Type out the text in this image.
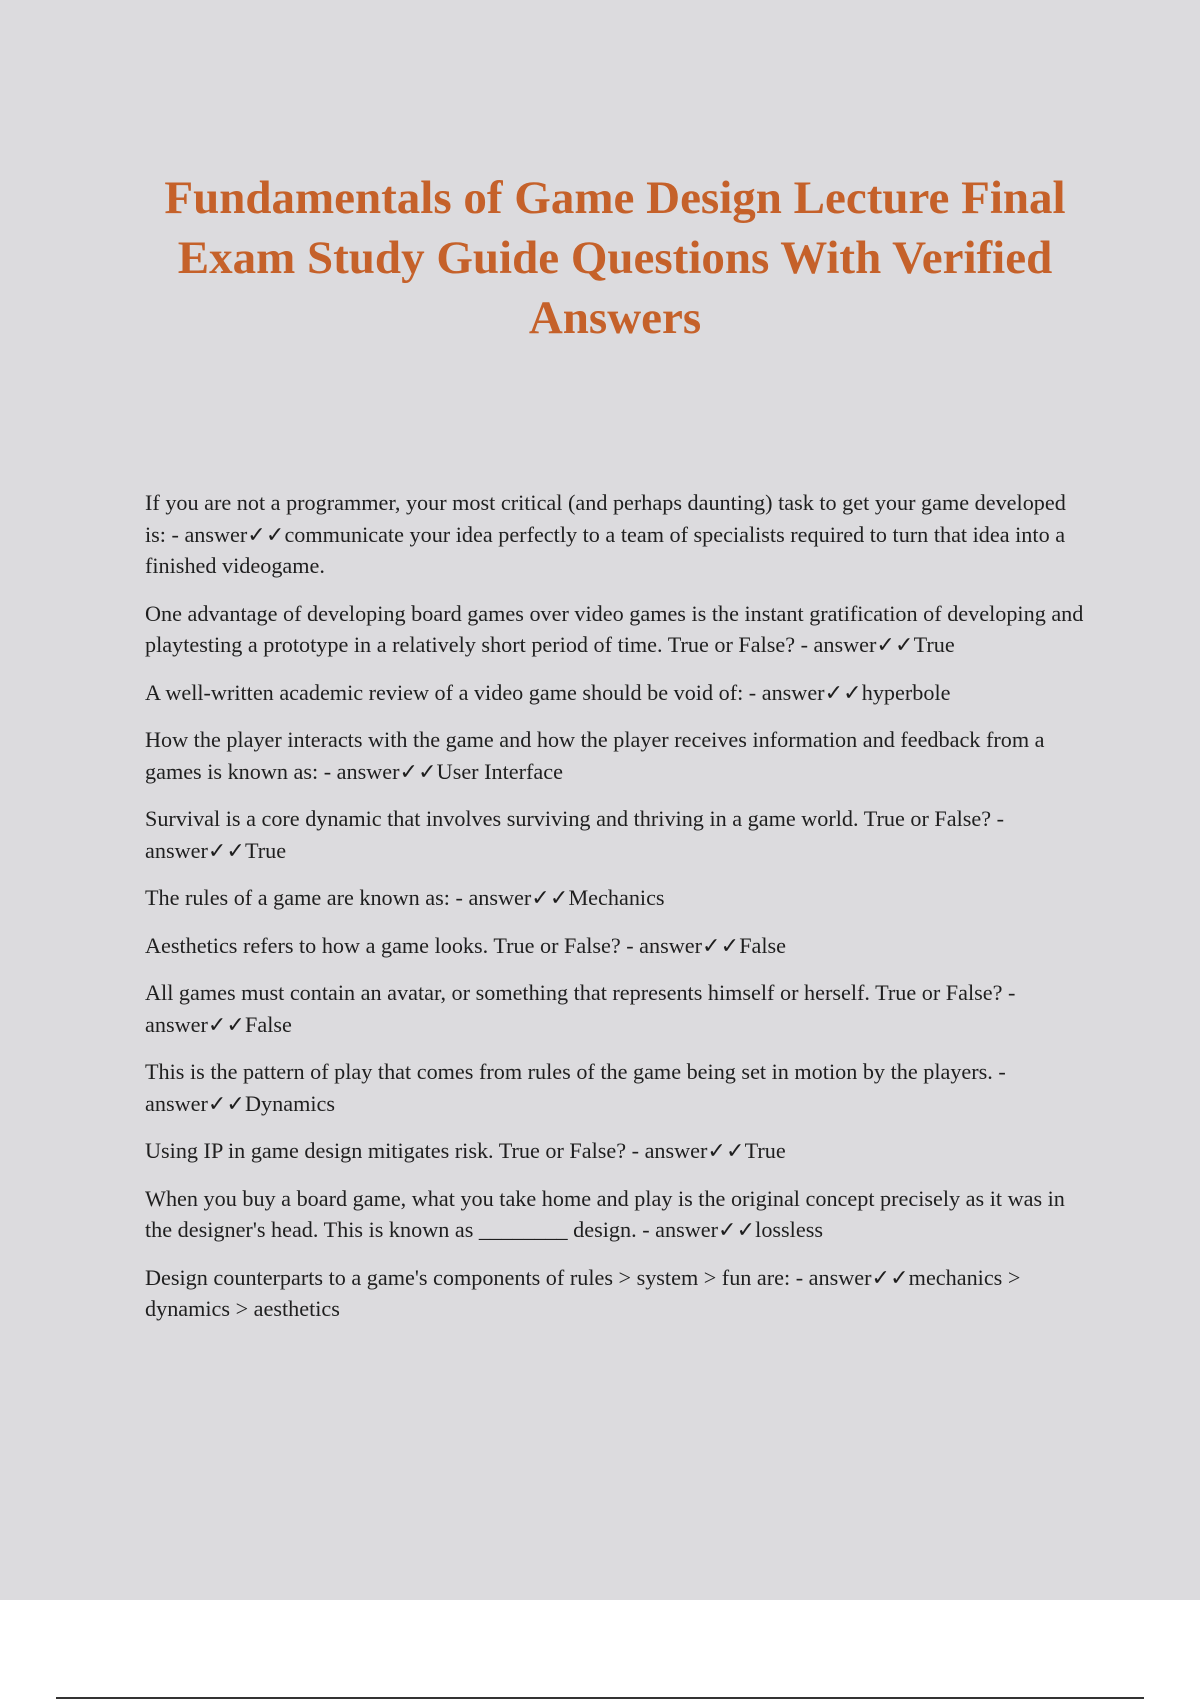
Fundamentals of Game Design Lecture Final Exam Study Guide Questions With Verified Answers
If you are not a programmer, your most critical (and perhaps daunting) task to get your game developed is: - answer✓✓communicate your idea perfectly to a team of specialists required to turn that idea into a finished videogame.
One advantage of developing board games over video games is the instant gratification of developing and playtesting a prototype in a relatively short period of time. True or False? - answer✓✓True
A well-written academic review of a video game should be void of: - answer✓✓hyperbole
How the player interacts with the game and how the player receives information and feedback from a games is known as: - answer✓✓User Interface
Survival is a core dynamic that involves surviving and thriving in a game world. True or False? - answer✓✓True
The rules of a game are known as: - answer✓✓Mechanics
Aesthetics refers to how a game looks. True or False? - answer✓✓False
All games must contain an avatar, or something that represents himself or herself. True or False? - answer✓✓False
This is the pattern of play that comes from rules of the game being set in motion by the players. - answer✓✓Dynamics
Using IP in game design mitigates risk. True or False? - answer✓✓True
When you buy a board game, what you take home and play is the original concept precisely as it was in the designer's head. This is known as ________ design. - answer✓✓lossless
Design counterparts to a game's components of rules > system > fun are: - answer✓✓mechanics > dynamics > aesthetics
